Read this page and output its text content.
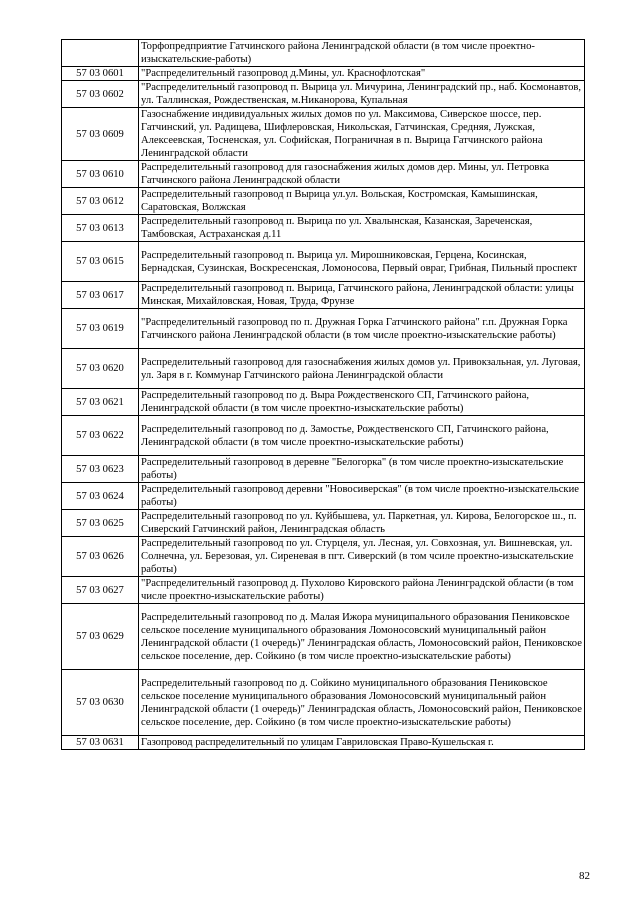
	Торфопредприятие Гатчинского района Ленинградской области (в том числе проектно-изыскательские-работы)
57 03 0601	"Распределительный газопровод д.Мины, ул. Краснофлотская"
57 03 0602	"Распределительный газопровод п. Вырица ул. Мичурина, Ленинградский пр., наб. Космонавтов, ул. Таллинская, Рождественская, м.Никанорова, Купальная
57 03 0609	Газоснабжение индивидуальных жилых домов по ул. Максимова, Сиверское шоссе, пер. Гатчинский, ул. Радищева, Шифлеровская, Никольская, Гатчинская, Средняя, Лужская, Алексеевская, Тосненская, ул. Софийская, Пограничная в п. Вырица Гатчинского района Ленинградской области
57 03 0610	Распределительный газопровод для газоснабжения жилых домов дер. Мины, ул. Петровка Гатчинского района Ленинградской области
57 03 0612	Распределительный газопровод п Вырица ул.ул. Вольская, Костромская, Камышинская, Саратовская, Волжская
57 03 0613	Распределительный газопровод п. Вырица по ул. Хвалынская, Казанская, Зареченская, Тамбовская, Астраханская д.11
57 03 0615	Распределительный газопровод п. Вырица ул. Мирошниковская, Герцена, Косинская, Бернадская, Сузинская, Воскресенская, Ломоносова, Первый овраг, Грибная, Пильный проспект
57 03 0617	Распределительный газопровод п. Вырица, Гатчинского района, Ленинградской области: улицы Минская, Михайловская, Новая, Труда, Фрунзе
57 03 0619	"Распределительный газопровод по п. Дружная Горка Гатчинского района" г.п. Дружная Горка Гатчинского района Ленинградской области (в том числе проектно-изыскательские работы)
57 03 0620	Распределительный газопровод для газоснабжения жилых домов ул. Привокзальная, ул. Луговая, ул. Заря в г. Коммунар Гатчинского района Ленинградской области
57 03 0621	Распределительный газопровод по д. Выра Рождественского СП, Гатчинского района, Ленинградской области (в том числе проектно-изыскательские работы)
57 03 0622	Распределительный газопровод по д. Замостье, Рождественского СП, Гатчинского района, Ленинградской области (в том числе проектно-изыскательские работы)
57 03 0623	Распределительный газопровод в деревне "Белогорка" (в том числе проектно-изыскательские работы)
57 03 0624	Распределительный газопровод деревни "Новосиверская" (в том числе проектно-изыскательские работы)
57 03 0625	Распределительный газопровод по ул. Куйбышева, ул. Паркетная, ул. Кирова, Белогорское ш., п. Сиверский Гатчинский район, Ленинградская область
57 03 0626	Распределительный газопровод по ул. Стурцеля, ул. Лесная, ул. Совхозная, ул. Вишневская, ул. Солнечна, ул. Березовая, ул. Сиреневая в пгт. Сиверский (в том чсиле проектно-изыскательские работы)
57 03 0627	"Распределительный газопровод д. Пухолово Кировского района Ленинградской области (в том числе проектно-изыскательские работы)
57 03 0629	Распределительный газопровод по д. Малая Ижора муниципального образования Пениковское сельское поселение муниципального образования Ломоносовский муниципальный район Ленинградской области (1 очередь)" Ленинградская область, Ломоносовский район, Пениковское сельское поселение, дер. Сойкино (в том числе проектно-изыскательские работы)
57 03 0630	Распределительный газопровод по д. Сойкино муниципального образования Пениковское сельское поселение муниципального образования Ломоносовский муниципальный район Ленинградской области (1 очередь)" Ленинградская область, Ломоносовский район, Пениковское сельское поселение, дер. Сойкино (в том числе проектно-изыскательские работы)
57 03 0631	Газопровод распределительный по улицам Гавриловская Право-Кушельская г.
82
